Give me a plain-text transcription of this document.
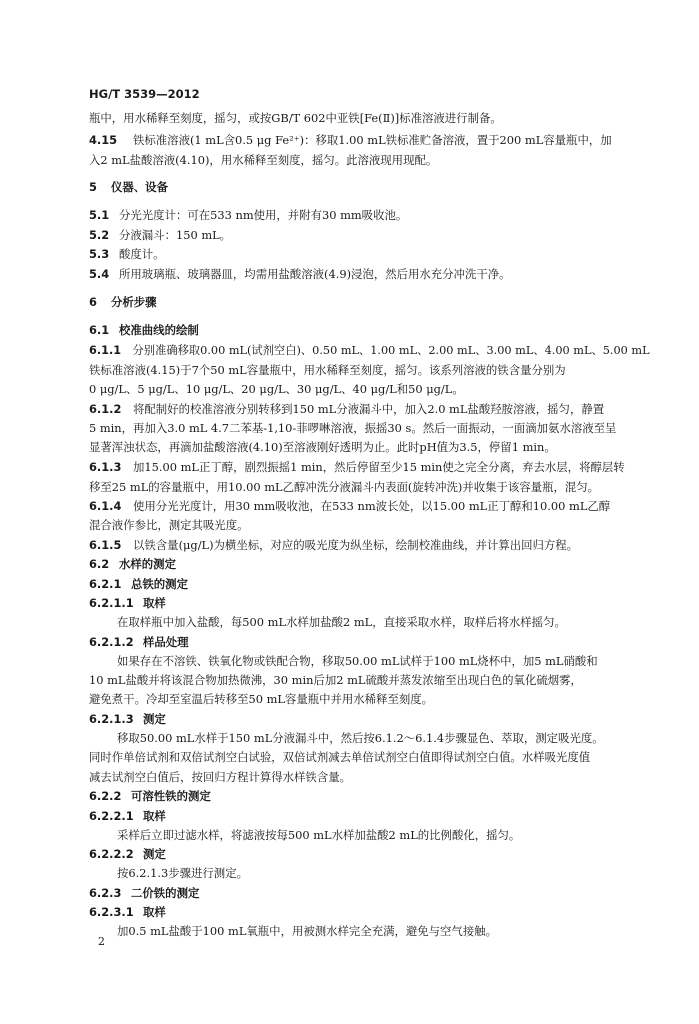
HG/T 3539—2012
瓶中，用水稀释至刻度，摇匀，或按GB/T 602中亚铁[Fe(Ⅱ)]标准溶液进行制备。
4.15 铁标准溶液(1 mL含0.5 μg Fe²⁺)：移取1.00 mL铁标准贮备溶液，置于200 mL容量瓶中，加
入2 mL盐酸溶液(4.10)，用水稀释至刻度，摇匀。此溶液现用现配。
5 仪器、设备
5.1 分光光度计：可在533 nm使用，并附有30 mm吸收池。
5.2 分液漏斗：150 mL。
5.3 酸度计。
5.4 所用玻璃瓶、玻璃器皿，均需用盐酸溶液(4.9)浸泡，然后用水充分冲洗干净。
6 分析步骤
6.1 校准曲线的绘制
6.1.1 分别准确移取0.00 mL(试剂空白)、0.50 mL、1.00 mL、2.00 mL、3.00 mL、4.00 mL、5.00 mL
铁标准溶液(4.15)于7个50 mL容量瓶中，用水稀释至刻度，摇匀。该系列溶液的铁含量分别为
0 μg/L、5 μg/L、10 μg/L、20 μg/L、30 μg/L、40 μg/L和50 μg/L。
6.1.2 将配制好的校准溶液分别转移到150 mL分液漏斗中，加入2.0 mL盐酸羟胺溶液，摇匀，静置
5 min，再加入3.0 mL 4.7二苯基-1,10-菲啰啉溶液，振摇30 s。然后一面振动，一面滴加氨水溶液至呈
显著浑浊状态，再滴加盐酸溶液(4.10)至溶液刚好透明为止。此时pH值为3.5，停留1 min。
6.1.3 加15.00 mL正丁醇，剧烈振摇1 min，然后停留至少15 min使之完全分离，弃去水层，将醇层转
移至25 mL的容量瓶中，用10.00 mL乙醇冲洗分液漏斗内表面(旋转冲洗)并收集于该容量瓶，混匀。
6.1.4 使用分光光度计，用30 mm吸收池，在533 nm波长处，以15.00 mL正丁醇和10.00 mL乙醇
混合液作参比，测定其吸光度。
6.1.5 以铁含量(μg/L)为横坐标，对应的吸光度为纵坐标，绘制校准曲线，并计算出回归方程。
6.2 水样的测定
6.2.1 总铁的测定
6.2.1.1 取样
在取样瓶中加入盐酸，每500 mL水样加盐酸2 mL，直接采取水样，取样后将水样摇匀。
6.2.1.2 样品处理
如果存在不溶铁、铁氧化物或铁配合物，移取50.00 mL试样于100 mL烧杯中，加5 mL硝酸和
10 mL盐酸并将该混合物加热微沸，30 min后加2 mL硫酸并蒸发浓缩至出现白色的氧化硫烟雾，
避免煮干。冷却至室温后转移至50 mL容量瓶中并用水稀释至刻度。
6.2.1.3 测定
移取50.00 mL水样于150 mL分液漏斗中，然后按6.1.2～6.1.4步骤显色、萃取，测定吸光度。
同时作单倍试剂和双倍试剂空白试验，双倍试剂减去单倍试剂空白值即得试剂空白值。水样吸光度值
减去试剂空白值后，按回归方程计算得水样铁含量。
6.2.2 可溶性铁的测定
6.2.2.1 取样
采样后立即过滤水样，将滤液按每500 mL水样加盐酸2 mL的比例酸化，摇匀。
6.2.2.2 测定
按6.2.1.3步骤进行测定。
6.2.3 二价铁的测定
6.2.3.1 取样
加0.5 mL盐酸于100 mL氧瓶中，用被测水样完全充满，避免与空气接触。
2
